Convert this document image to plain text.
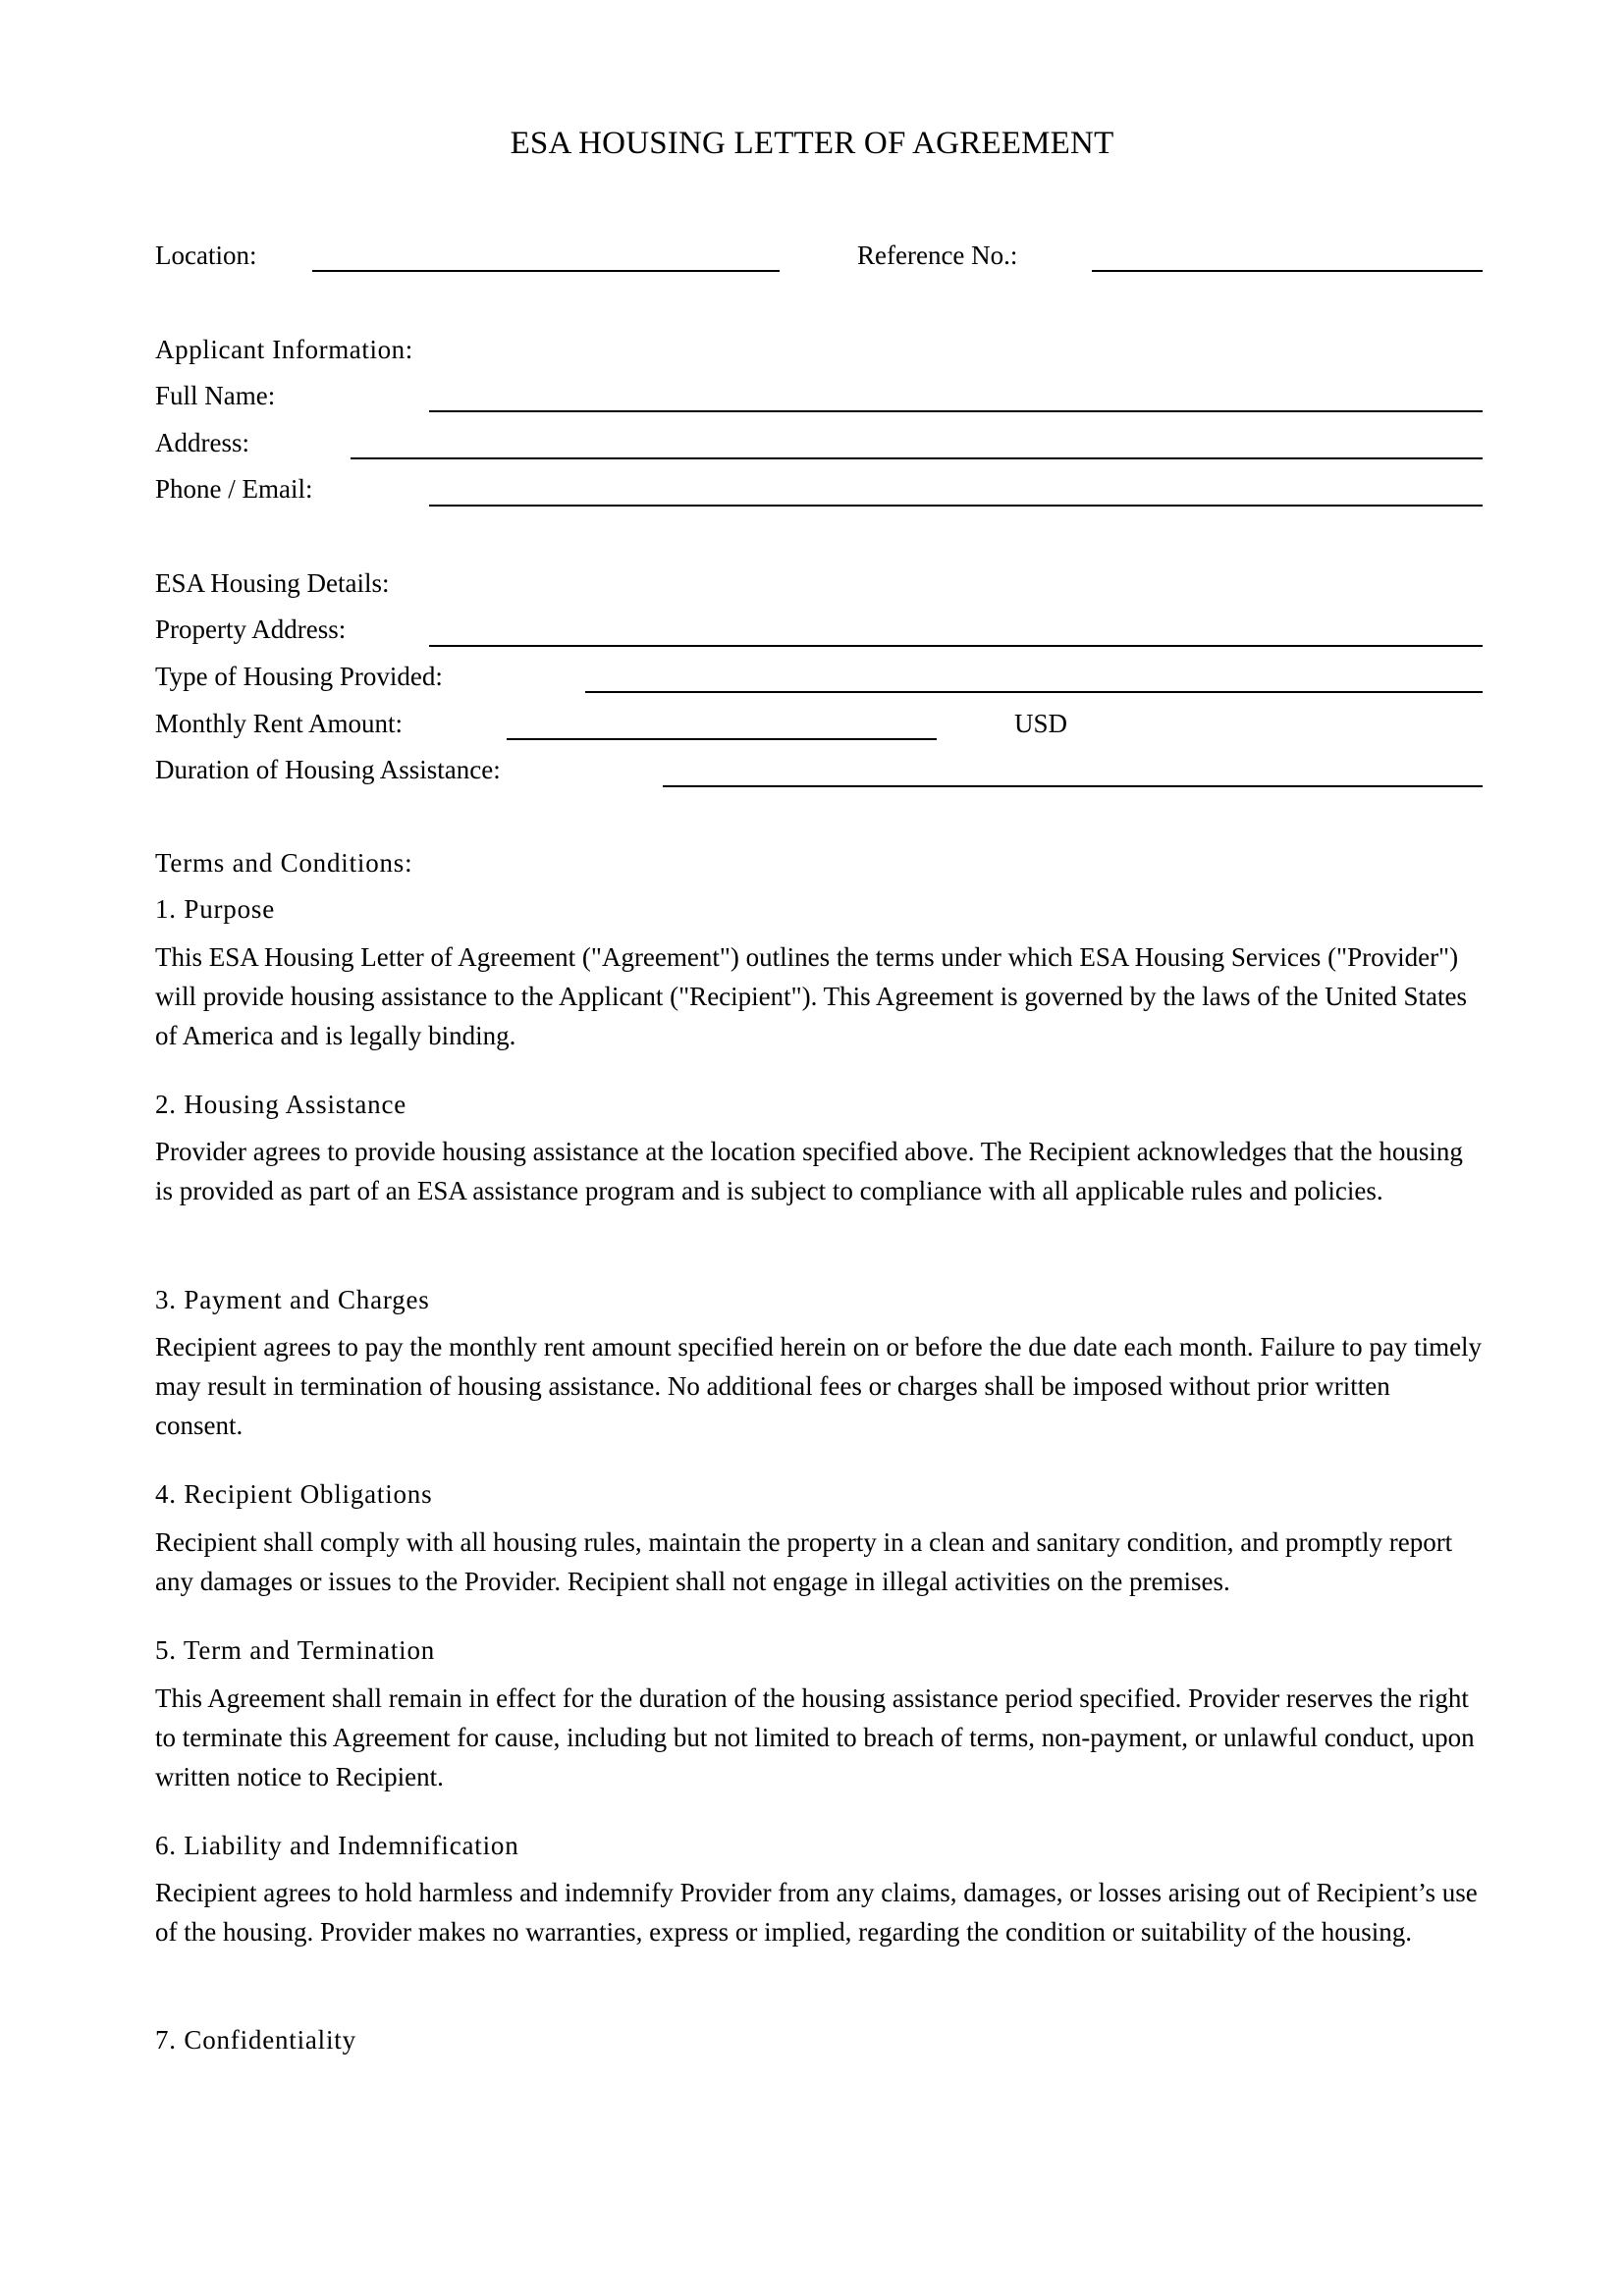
ESA HOUSING LETTER OF AGREEMENT
Location:	Reference No.:
Applicant Information:
Full Name:
Address:
Phone / Email:
ESA Housing Details:
Property Address:
Type of Housing Provided:
Monthly Rent Amount:	USD
Duration of Housing Assistance:
Terms and Conditions:
1. Purpose
This ESA Housing Letter of Agreement ("Agreement") outlines the terms under which ESA Housing Services ("Provider") will provide housing assistance to the Applicant ("Recipient"). This Agreement is governed by the laws of the United States of America and is legally binding.
2. Housing Assistance
Provider agrees to provide housing assistance at the location specified above. The Recipient acknowledges that the housing is provided as part of an ESA assistance program and is subject to compliance with all applicable rules and policies.
3. Payment and Charges
Recipient agrees to pay the monthly rent amount specified herein on or before the due date each month. Failure to pay timely may result in termination of housing assistance. No additional fees or charges shall be imposed without prior written consent.
4. Recipient Obligations
Recipient shall comply with all housing rules, maintain the property in a clean and sanitary condition, and promptly report any damages or issues to the Provider. Recipient shall not engage in illegal activities on the premises.
5. Term and Termination
This Agreement shall remain in effect for the duration of the housing assistance period specified. Provider reserves the right to terminate this Agreement for cause, including but not limited to breach of terms, non-payment, or unlawful conduct, upon written notice to Recipient.
6. Liability and Indemnification
Recipient agrees to hold harmless and indemnify Provider from any claims, damages, or losses arising out of Recipient’s use of the housing. Provider makes no warranties, express or implied, regarding the condition or suitability of the housing.
7. Confidentiality
